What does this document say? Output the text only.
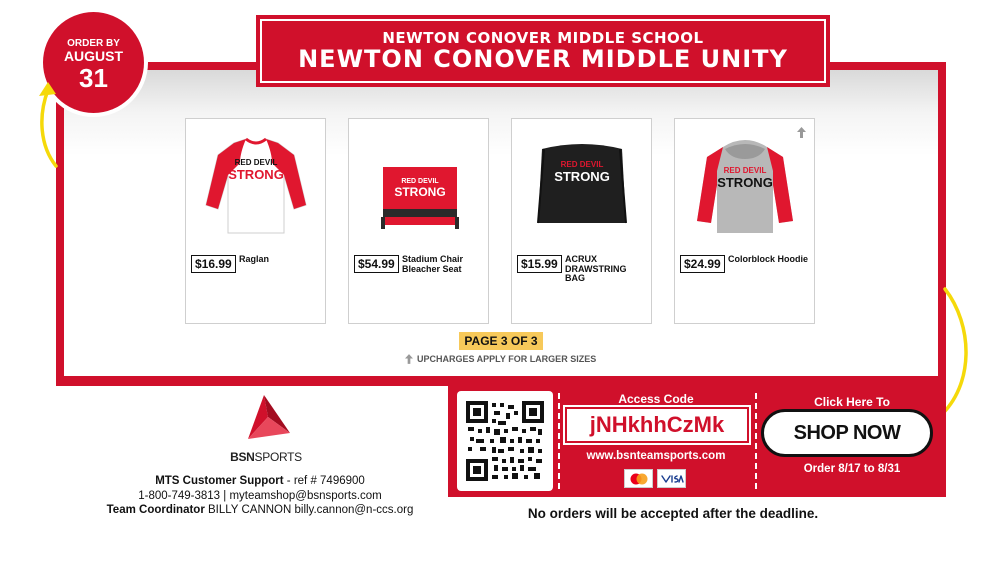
NEWTON CONOVER MIDDLE SCHOOL
NEWTON CONOVER MIDDLE UNITY
ORDER BY
AUGUST
31
RED DEVIL
STRONG
$16.99 Raglan
RED DEVIL
STRONG
$54.99 Stadium Chair Bleacher Seat
RED DEVIL
STRONG
$15.99 ACRUX DRAWSTRING BAG
RED DEVIL
STRONG
$24.99 Colorblock Hoodie
PAGE 3 OF 3
UPCHARGES APPLY FOR LARGER SIZES
BSNSPORTS
MTS Customer Support - ref # 7496900
1-800-749-3813 | myteamshop@bsnsports.com
Team Coordinator BILLY CANNON billy.cannon@n-ccs.org
Access Code
jNHkhhCzMk
www.bsnteamsports.com
Click Here To
SHOP NOW
Order 8/17 to 8/31
No orders will be accepted after the deadline.
